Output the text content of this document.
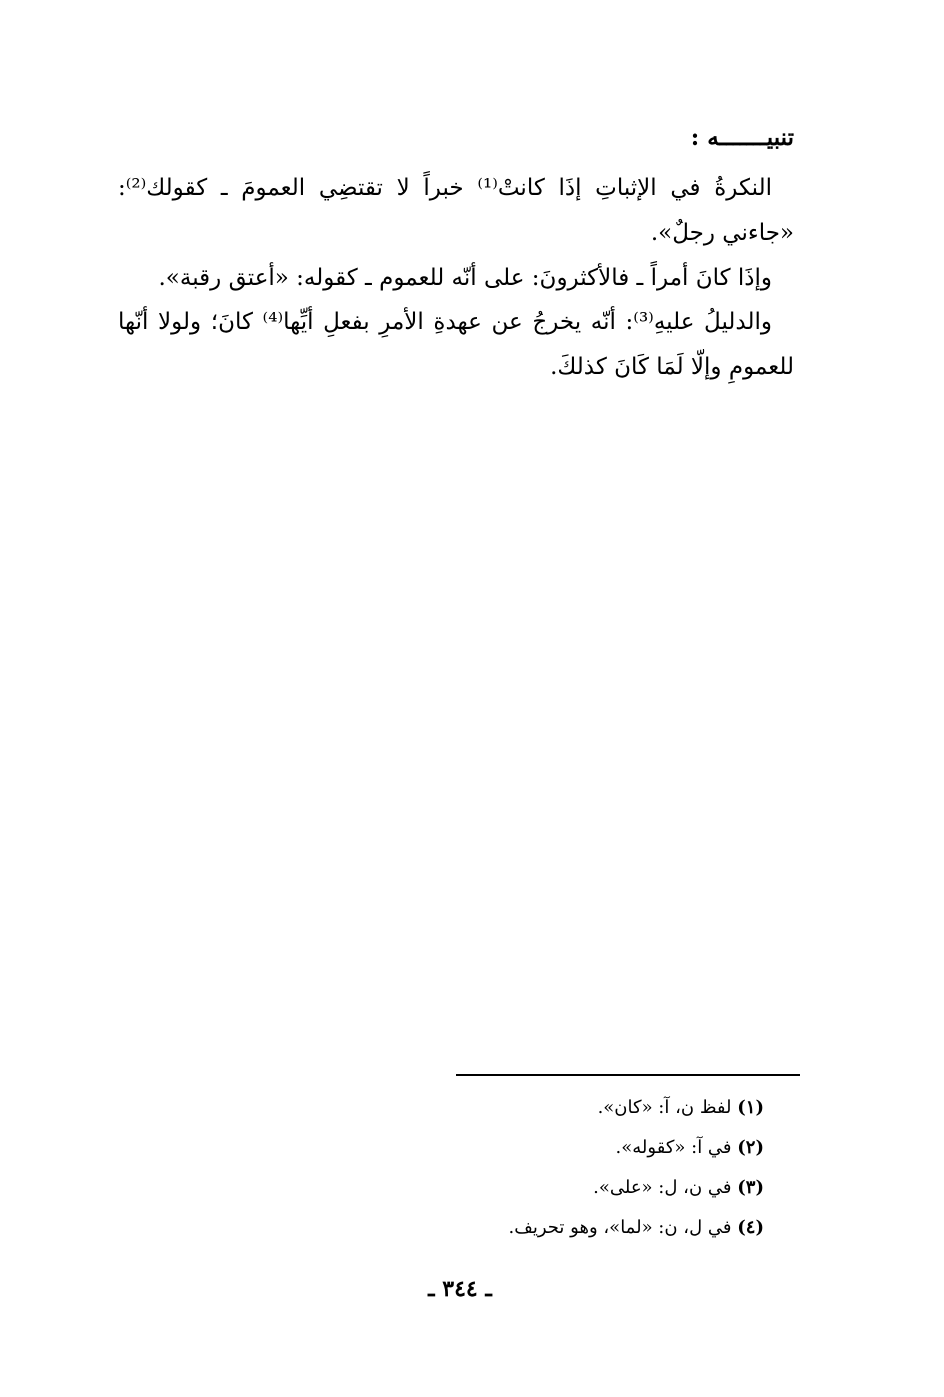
تنبيـــــــه :

النكرةُ في الإثباتِ إذَا كانتْ⁽¹⁾ خبراً لا تقتضِي العمومَ ـ كقولك⁽²⁾: «جاءني رجلٌ».

وإذَا كانَ أمراً ـ فالأكثرونَ: على أنّه للعموم ـ كقوله: «أعتق رقبة».

والدليلُ عليهِ⁽³⁾: أنّه يخرجُ عن عهدةِ الأمرِ بفعلِ أيِّها⁽⁴⁾ كانَ؛ ولولا أنّها للعمومِ وإلّا لَمَا كَانَ كذلكَ.

(١) لفظ ن، آ: «كان».
(٢) في آ: «كقوله».
(٣) في ن، ل: «على».
(٤) في ل، ن: «لما»، وهو تحريف.
ـ ٣٤٤ ـ
